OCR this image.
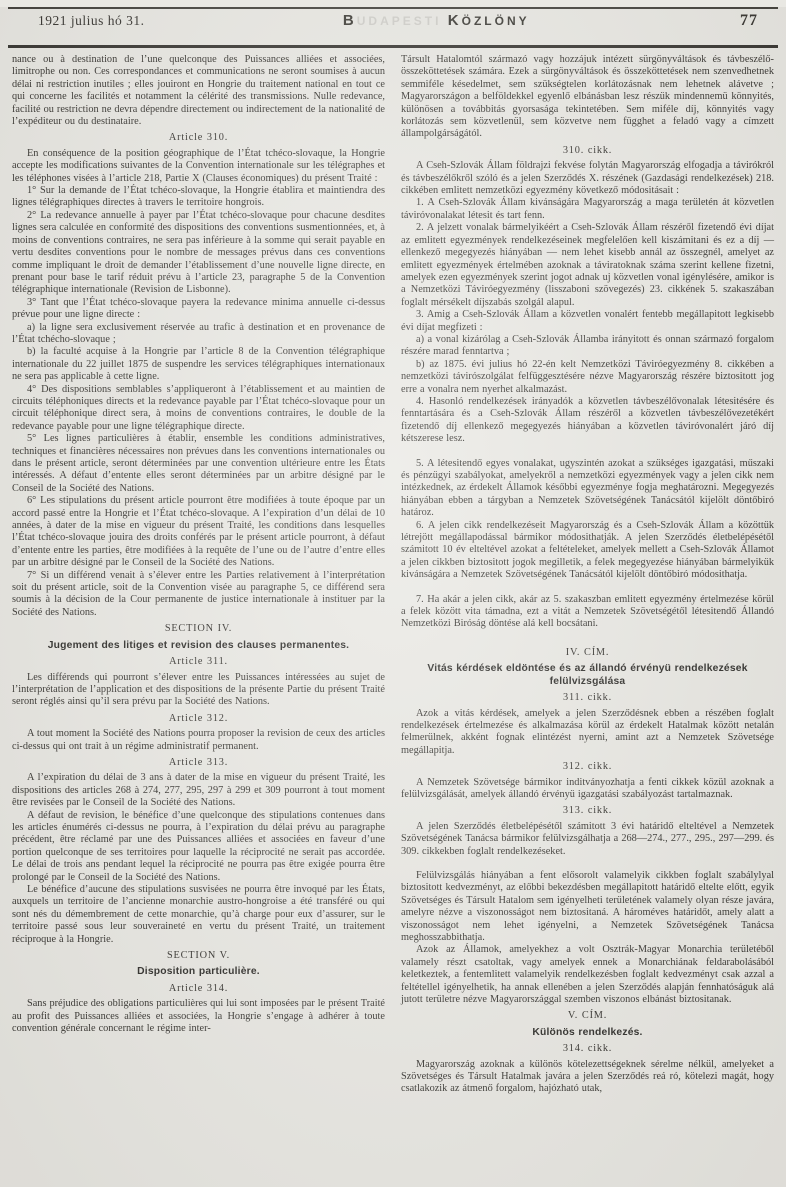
1921 julius hó 31.	BUDAPESTI KÖZLÖNY	77
nance ou à destination de l’une quelconque des Puissances alliées et associées, limitrophe ou non. Ces correspondances et communications ne seront soumises à aucun délai ni restriction inutiles ; elles jouiront en Hongrie du traitement national en tout ce qui concerne les facilités et notamment la célérité des transmissions. Nulle redevance, facilité ou restriction ne devra dépendre directement ou indirectement de la nationalité de l’expéditeur ou du destinataire.
Article 310.
En conséquence de la position géographique de l’État tchéco-slovaque, la Hongrie accepte les modifications suivantes de la Convention internationale sur les télégraphes et les téléphones visées à l’article 218, Partie X (Clauses économiques) du présent Traité :
1° Sur la demande de l’État tchéco-slovaque, la Hongrie établira et maintiendra des lignes télégraphiques directes à travers le territoire hongrois.
2° La redevance annuelle à payer par l’État tchéco-slovaque pour chacune desdites lignes sera calculée en conformité des dispositions des conventions susmentionnées, et, à moins de conventions contraires, ne sera pas inférieure à la somme qui serait payable en vertu desdites conventions pour le nombre de messages prévus dans ces conventions comme impliquant le droit de demander l’établissement d’une nouvelle ligne directe, en prenant pour base le tarif réduit prévu à l’article 23, paragraphe 5 de la Convention télégraphique internationale (Revision de Lisbonne).
3° Tant que l’État tchéco-slovaque payera la redevance minima annuelle ci-dessus prévue pour une ligne directe :
a) la ligne sera exclusivement réservée au trafic à destination et en provenance de l’État tchécho-slovaque ;
b) la faculté acquise à la Hongrie par l’article 8 de la Convention télégraphique internationale du 22 juillet 1875 de suspendre les services télégraphiques internationaux ne sera pas applicable à cette ligne.
4° Des dispositions semblables s’appliqueront à l’établissement et au maintien de circuits téléphoniques directs et la redevance payable par l’État tchéco-slovaque pour un circuit téléphonique direct sera, à moins de conventions contraires, le double de la redevance payable pour une ligne télégraphique directe.
5° Les lignes particulières à établir, ensemble les conditions administratives, techniques et financières nécessaires non prévues dans les conventions internationales ou dans le présent article, seront déterminées par une convention ultérieure entre les États intéressés. A défaut d’entente elles seront déterminées par un arbitre désigné par le Conseil de la Société des Nations.
6° Les stipulations du présent article pourront être modifiées à toute époque par un accord passé entre la Hongrie et l’État tchéco-slovaque. A l’expiration d’un délai de 10 années, à dater de la mise en vigueur du présent Traité, les conditions dans lesquelles l’État tchéco-slovaque jouira des droits conférés par le présent article pourront, à défaut d’entente entre les parties, être modifiées à la requête de l’une ou de l’autre d’entre elles par un arbitre désigné par le Conseil de la Société des Nations.
7° Si un différend venait à s’élever entre les Parties relativement à l’interprétation soit du présent article, soit de la Convention visée au paragraphe 5, ce différend sera soumis à la décision de la Cour permanente de justice internationale à instituer par la Société des Nations.
SECTION IV.
Jugement des litiges et revision des clauses permanentes.
Article 311.
Les différends qui pourront s’élever entre les Puissances intéressées au sujet de l’interprétation de l’application et des dispositions de la présente Partie du présent Traité seront réglés ainsi qu’il sera prévu par la Société des Nations.
Article 312.
A tout moment la Société des Nations pourra proposer la revision de ceux des articles ci-dessus qui ont trait à un régime administratif permanent.
Article 313.
A l’expiration du délai de 3 ans à dater de la mise en vigueur du présent Traité, les dispositions des articles 268 à 274, 277, 295, 297 à 299 et 309 pourront à tout moment être revisées par le Conseil de la Société des Nations.
A défaut de revision, le bénéfice d’une quelconque des stipulations contenues dans les articles énumérés ci-dessus ne pourra, à l’expiration du délai prévu au paragraphe précédent, être réclamé par une des Puissances alliées et associées en faveur d’une portion quelconque de ses territoires pour laquelle la réciprocité ne serait pas accordée. Le délai de trois ans pendant lequel la réciprocité ne pourra pas être exigée pourra être prolongé par le Conseil de la Société des Nations.
Le bénéfice d’aucune des stipulations susvisées ne pourra être invoqué par les États, auxquels un territoire de l’ancienne monarchie austro-hongroise a été transféré ou qui sont nés du démembrement de cette monarchie, qu’à charge pour eux d’assurer, sur le territoire passé sous leur souveraineté en vertu du présent Traité, un traitement réciproque à la Hongrie.
SECTION V.
Disposition particulière.
Article 314.
Sans préjudice des obligations particulières qui lui sont imposées par le présent Traité au profit des Puissances alliées et associées, la Hongrie s’engage à adhérer à toute convention générale concernant le régime inter-
Társult Hatalomtól származó vagy hozzájuk intézett sürgönyváltások és távbeszélő-összeköttetések számára. Ezek a sürgönyváltások és összeköttetések nem szenvedhetnek semmiféle késedelmet, sem szükségtelen korlátozásnak nem lehetnek alávetve ; Magyarországon a belföldekkel egyenlő elbánásban lesz részük mindennemü könnyités, különösen a továbbitás gyorsasága tekintetében. Sem miféle díj, könnyités vagy korlátozás sem közvetlenül, sem közvetve nem függhet a feladó vagy a címzett állampolgárságától.
310. cikk.
A Cseh-Szlovák Állam földrajzi fekvése folytán Magyarország elfogadja a távirókról és távbeszélőkről szóló és a jelen Szerződés X. részének (Gazdasági rendelkezések) 218. cikkében emlitett nemzetközi egyezmény következő módositásait :
1. A Cseh-Szlovák Állam kivánságára Magyarország a maga területén át közvetlen táviróvonalakat létesit és tart fenn.
2. A jelzett vonalak bármelyikéért a Cseh-Szlovák Állam részéről fizetendő évi díjat az emlitett egyezmények rendelkezéseinek megfelelően kell kiszámitani és ez a díj — ellenkező megegyezés hiányában — nem lehet kisebb annál az összegnél, amelyet az emlitett egyezmények értelmében azoknak a táviratoknak száma szerint kellene fizetni, amelyek ezen egyezmények szerint jogot adnak uj közvetlen vonal igénylésére, amikor is a Nemzetközi Táviróegyezmény (lisszaboni szövegezés) 23. cikkének 5. szakaszában foglalt mérsékelt díjszabás szolgál alapul.
3. Amig a Cseh-Szlovák Állam a közvetlen vonalért fentebb megállapitott legkisebb évi díjat megfizeti :
a) a vonal kizárólag a Cseh-Szlovák Államba irányitott és onnan származó forgalom részére marad fenntartva ;
b) az 1875. évi julius hó 22-én kelt Nemzetközi Táviróegyezmény 8. cikkében a nemzetközi távirószolgálat felfüggesztésére nézve Magyarország részére biztositott jog erre a vonalra nem nyerhet alkalmazást.
4. Hasonló rendelkezések irányadók a közvetlen távbeszélővonalak létesitésére és fenntartására és a Cseh-Szlovák Állam részéről a közvetlen távbeszélővezetékért fizetendő díj ellenkező megegyezés hiányában a közvetlen táviróvonalért járó díj kétszerese lesz.
5. A létesitendő egyes vonalakat, ugyszintén azokat a szükséges igazgatási, műszaki és pénzügyi szabályokat, amelyekről a nemzetközi egyezmények vagy a jelen cikk nem intézkednek, az érdekelt Államok későbbi egyezménye fogja meghatározni. Megegyezés hiányában ebben a tárgyban a Nemzetek Szövetségének Tanácsától kijelölt döntőbiró határoz.
6. A jelen cikk rendelkezéseit Magyarország és a Cseh-Szlovák Állam a közöttük létrejött megállapodással bármikor módosithatják. A jelen Szerződés életbelépésétől számitott 10 év elteltével azokat a feltételeket, amelyek mellett a Cseh-Szlovák Államot a jelen cikkben biztositott jogok megilletik, a felek megegyezése hiányában bármelyikük kivánságára a Nemzetek Szövetségének Tanácsától kijelölt döntőbiró módosithatja.
7. Ha akár a jelen cikk, akár az 5. szakaszban emlitett egyezmény értelmezése körül a felek között vita támadna, ezt a vitát a Nemzetek Szövetségétől létesitendő Állandó Nemzetközi Biróság döntése alá kell bocsátani.
IV. CÍM.
Vitás kérdések eldöntése és az állandó érvényü rendelkezések felülvizsgálása
311. cikk.
Azok a vitás kérdések, amelyek a jelen Szerződésnek ebben a részében foglalt rendelkezések értelmezése és alkalmazása körül az érdekelt Hatalmak között netalán felmerülnek, akként fognak elintézést nyerni, amint azt a Nemzetek Szövetsége megállapitja.
312. cikk.
A Nemzetek Szövetsége bármikor inditványozhatja a fenti cikkek közül azoknak a felülvizsgálását, amelyek állandó érvényü igazgatási szabályozást tartalmaznak.
313. cikk.
A jelen Szerződés életbelépésétől számitott 3 évi határidő elteltével a Nemzetek Szövetségének Tanácsa bármikor felülvizsgálhatja a 268—274., 277., 295., 297—299. és 309. cikkekben foglalt rendelkezéseket.
Felülvizsgálás hiányában a fent elősorolt valamelyik cikkben foglalt szabálylyal biztositott kedvezményt, az előbbi bekezdésben megállapitott határidő eltelte előtt, egyik Szövetséges és Társult Hatalom sem igényelheti területének valamely olyan része javára, amelyre nézve a viszonosságot nem biztositaná. A hároméves határidőt, amely alatt a viszonosságot nem lehet igényelni, a Nemzetek Szövetségének Tanácsa meghosszabbithatja.
Azok az Államok, amelyekhez a volt Osztrák-Magyar Monarchia területéből valamely részt csatoltak, vagy amelyek ennek a Monarchiának feldarabolásából keletkeztek, a fentemlitett valamelyik rendelkezésben foglalt kedvezményt csak azzal a feltétellel igényelhetik, ha annak ellenében a jelen Szerződés alapján fennhatóságuk alá jutott területre nézve Magyarországgal szemben viszonos elbánást biztositanak.
V. CÍM.
Különös rendelkezés.
314. cikk.
Magyarország azoknak a különös kötelezettségeknek sérelme nélkül, amelyeket a Szövetséges és Társult Hatalmak javára a jelen Szerződés reá ró, kötelezi magát, hogy csatlakozik az átmenő forgalom, hajózható utak,
